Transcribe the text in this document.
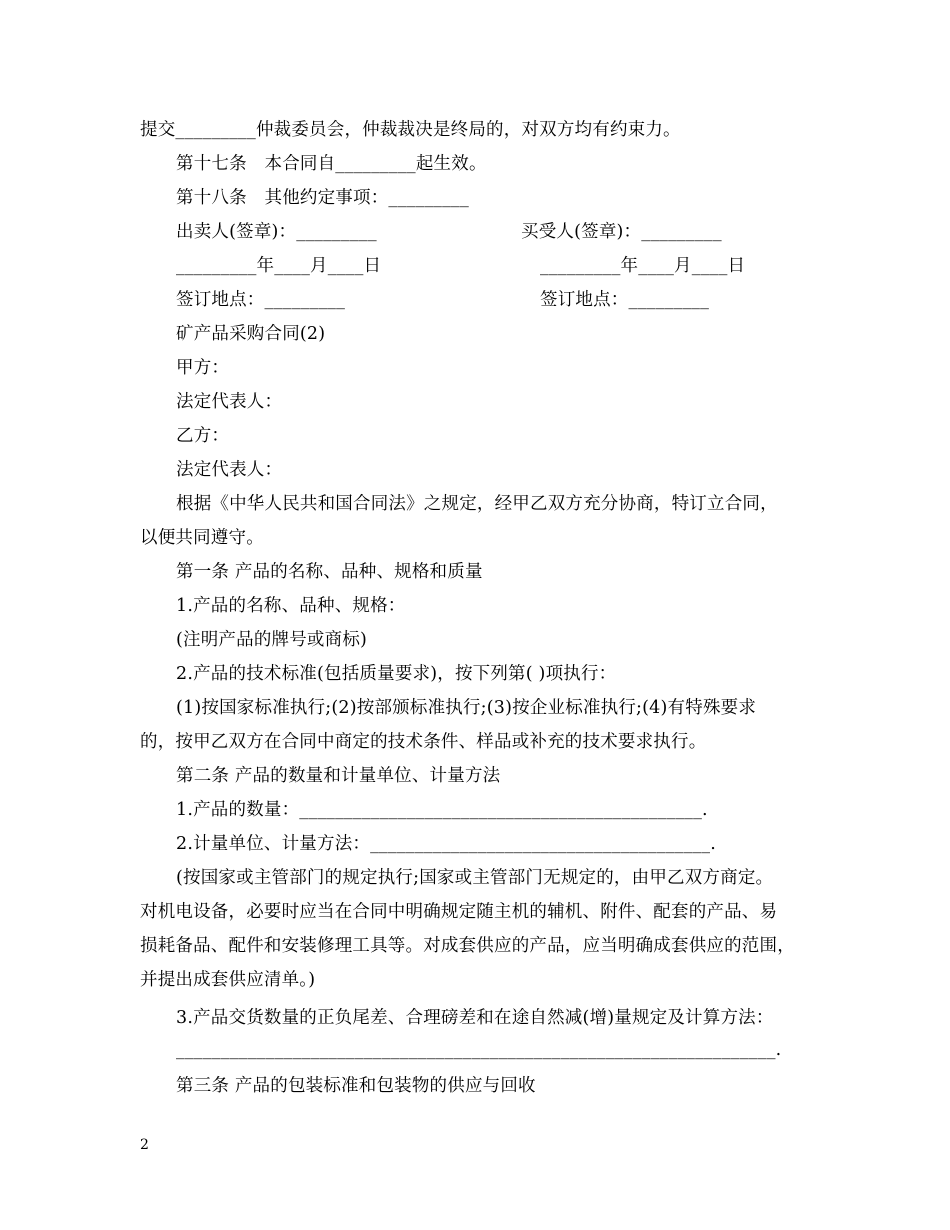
提交_________仲裁委员会，仲裁裁决是终局的，对双方均有约束力。
第十七条　本合同自_________起生效。
第十八条　其他约定事项：_________
出卖人(签章)：_________	买受人(签章)：_________
_________年____月____日	_________年____月____日
签订地点：_________	签订地点：_________
矿产品采购合同(2)
甲方：
法定代表人：
乙方：
法定代表人：
根据《中华人民共和国合同法》之规定，经甲乙双方充分协商，特订立合同，
以便共同遵守。
第一条 产品的名称、品种、规格和质量
1.产品的名称、品种、规格：
(注明产品的牌号或商标)
2.产品的技术标准(包括质量要求)，按下列第( )项执行：
(1)按国家标准执行;(2)按部颁标准执行;(3)按企业标准执行;(4)有特殊要求
的，按甲乙双方在合同中商定的技术条件、样品或补充的技术要求执行。
第二条 产品的数量和计量单位、计量方法
1.产品的数量：_____________________________________________.
2.计量单位、计量方法：______________________________________.
(按国家或主管部门的规定执行;国家或主管部门无规定的，由甲乙双方商定。
对机电设备，必要时应当在合同中明确规定随主机的辅机、附件、配套的产品、易
损耗备品、配件和安装修理工具等。对成套供应的产品，应当明确成套供应的范围，
并提出成套供应清单。)
3.产品交货数量的正负尾差、合理磅差和在途自然减(增)量规定及计算方法：
___________________________________________________________________.
第三条 产品的包装标准和包装物的供应与回收
2
